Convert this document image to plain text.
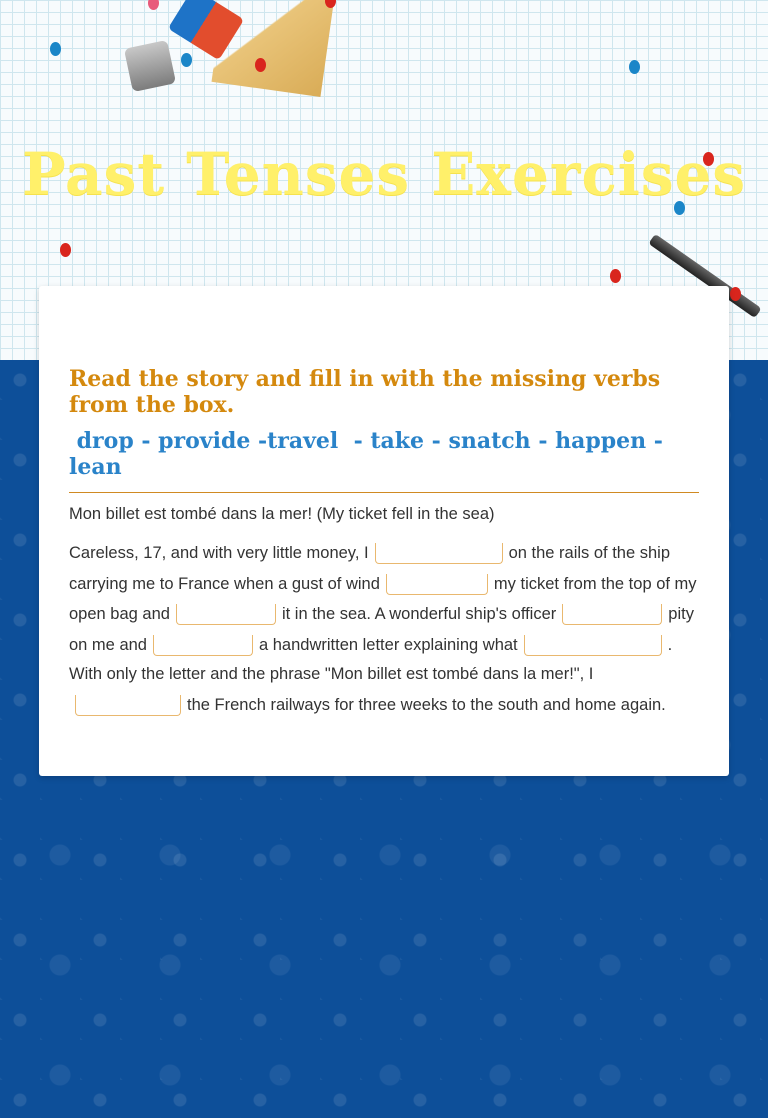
Past Tenses Exercises

Read the story and fill in with the missing verbs from the box.

drop - provide -travel  - take - snatch - happen - lean

Mon billet est tombé dans la mer! (My ticket fell in the sea)

Careless, 17, and with very little money, I	on the rails of the ship carrying me to France when a gust of wind	my ticket from the top of my open bag and	it in the sea. A wonderful ship's officer	pity on me and	a handwritten letter explaining what	. With only the letter and the phrase "Mon billet est tombé dans la mer!", Ithe French railways for three weeks to the south and home again.
